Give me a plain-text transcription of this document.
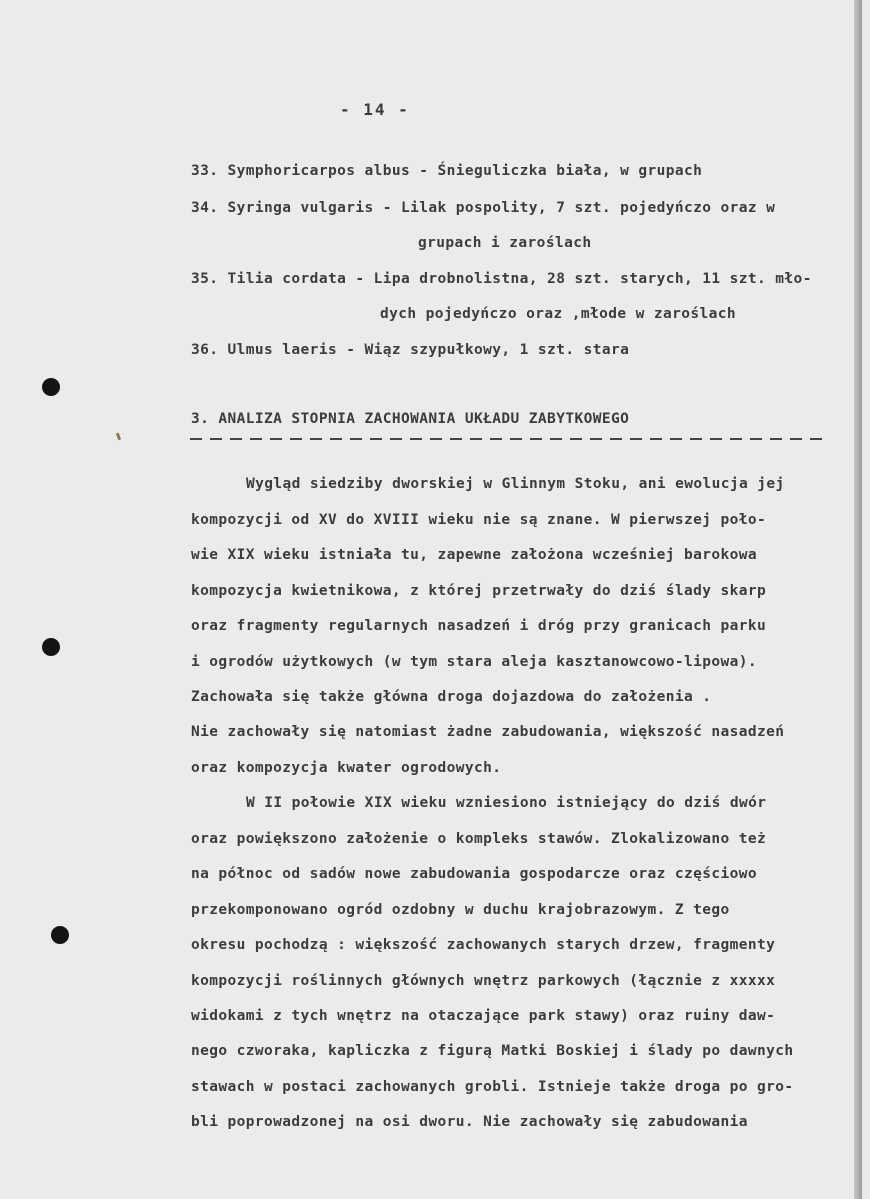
- 14 -
33. Symphoricarpos albus - Śnieguliczka biała, w grupach
34. Syringa vulgaris - Lilak pospolity, 7 szt. pojedyńczo oraz w
grupach i zaroślach
35. Tilia cordata - Lipa drobnolistna, 28 szt. starych, 11 szt. mło-
dych pojedyńczo oraz ,młode w zaroślach
36. Ulmus laeris - Wiąz szypułkowy, 1 szt. stara
3. ANALIZA STOPNIA ZACHOWANIA UKŁADU ZABYTKOWEGO
Wygląd siedziby dworskiej w Glinnym Stoku, ani ewolucja jej
kompozycji od XV do XVIII wieku nie są znane. W pierwszej poło-
wie XIX wieku istniała tu, zapewne założona wcześniej barokowa
kompozycja kwietnikowa, z której przetrwały do dziś ślady skarp
oraz fragmenty regularnych nasadzeń i dróg przy granicach parku
i ogrodów użytkowych (w tym stara aleja kasztanowcowo-lipowa).
Zachowała się także główna droga dojazdowa do założenia .
Nie zachowały się natomiast żadne zabudowania, większość nasadzeń
oraz kompozycja kwater ogrodowych.
W II połowie XIX wieku wzniesiono istniejący do dziś dwór
oraz powiększono założenie o kompleks stawów. Zlokalizowano też
na północ od sadów nowe zabudowania gospodarcze oraz częściowo
przekomponowano ogród ozdobny w duchu krajobrazowym. Z tego
okresu pochodzą : większość zachowanych starych drzew, fragmenty
kompozycji roślinnych głównych wnętrz parkowych (łącznie z xxxxx
widokami z tych wnętrz na otaczające park stawy) oraz ruiny daw-
nego czworaka, kapliczka z figurą Matki Boskiej i ślady po dawnych
stawach w postaci zachowanych grobli. Istnieje także droga po gro-
bli poprowadzonej na osi dworu. Nie zachowały się zabudowania
